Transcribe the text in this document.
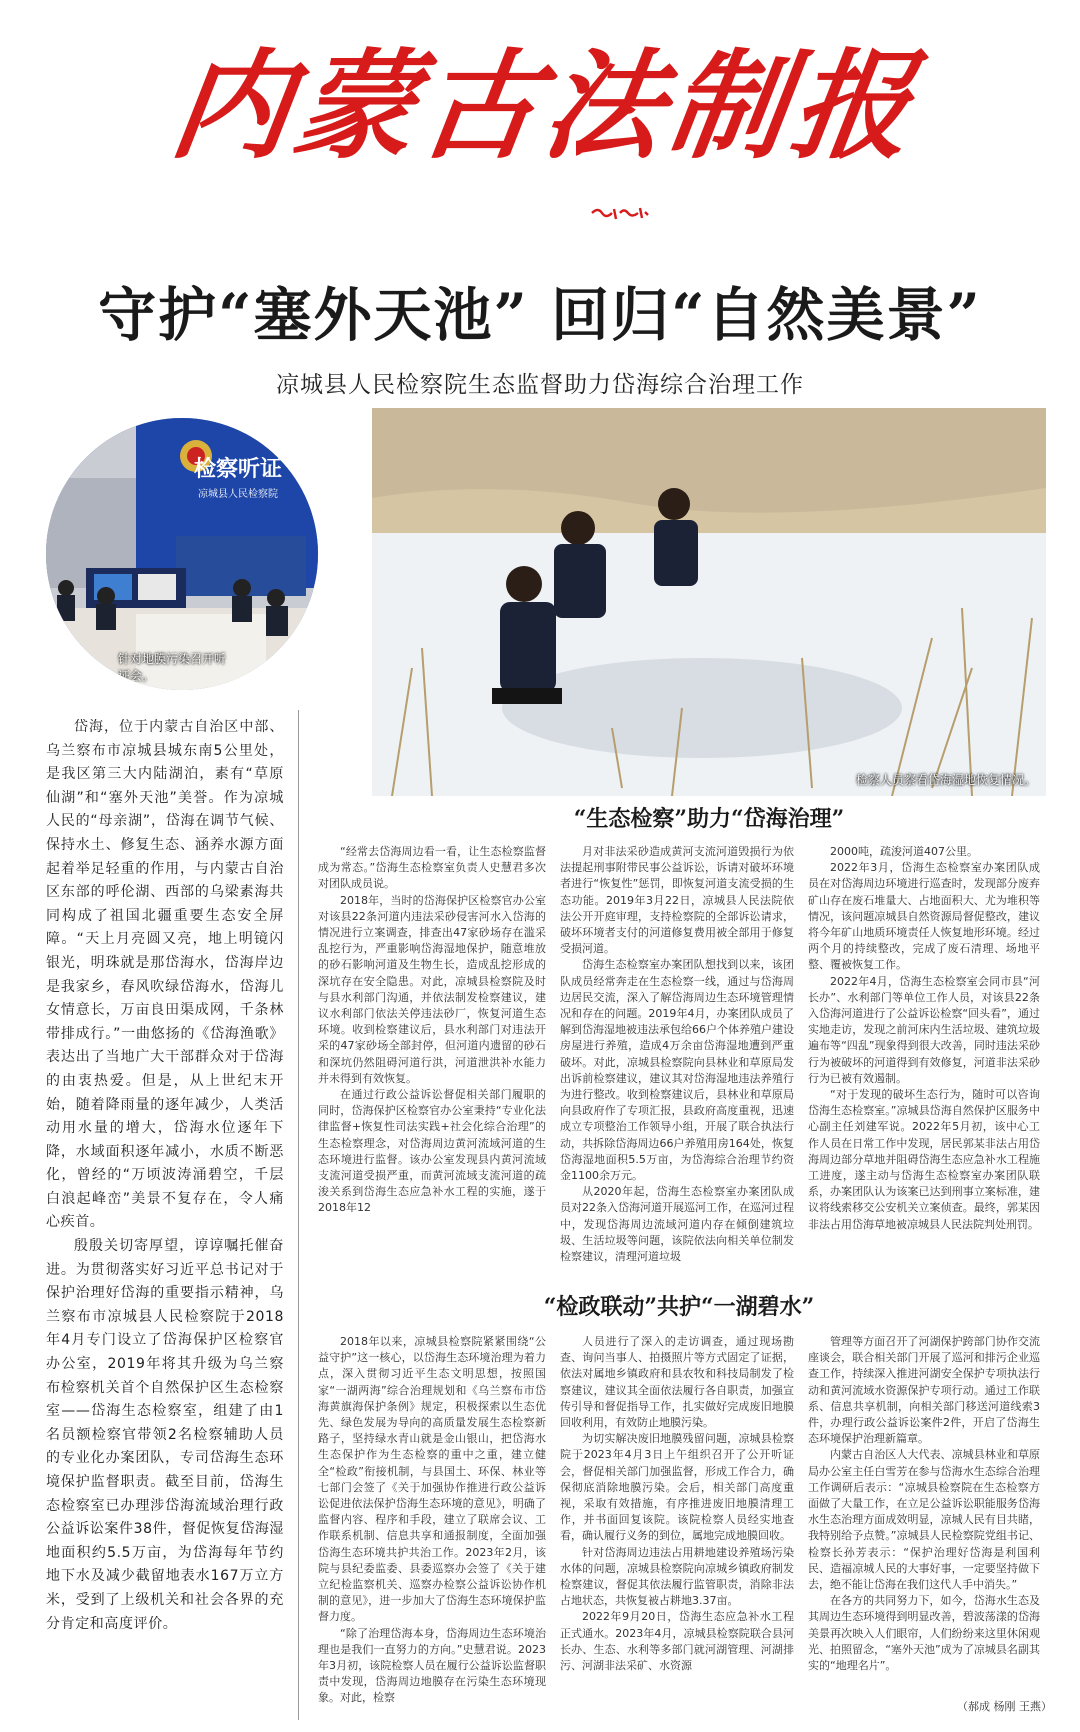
内蒙古法制报
守护“塞外天池” 回归“自然美景”
凉城县人民检察院生态监督助力岱海综合治理工作
检察听证
凉城县人民检察院
针对地膜污染召开听证会。
检察人员察看岱海湿地恢复情况。

岱海，位于内蒙古自治区中部、乌兰察布市凉城县城东南5公里处，是我区第三大内陆湖泊，素有“草原仙湖”和“塞外天池”美誉。作为凉城人民的“母亲湖”，岱海在调节气候、保持水土、修复生态、涵养水源方面起着举足轻重的作用，与内蒙古自治区东部的呼伦湖、西部的乌梁素海共同构成了祖国北疆重要生态安全屏障。“天上月亮圆又亮，地上明镜闪银光，明珠就是那岱海水，岱海岸边是我家乡，春风吹绿岱海水，岱海儿女情意长，万亩良田渠成网，千条林带排成行。”一曲悠扬的《岱海渔歌》表达出了当地广大干部群众对于岱海的由衷热爱。但是，从上世纪末开始，随着降雨量的逐年减少，人类活动用水量的增大，岱海水位逐年下降，水域面积逐年减小，水质不断恶化，曾经的“万顷波涛涌碧空，千层白浪起峰峦”美景不复存在，令人痛心疾首。

殷殷关切寄厚望，谆谆嘱托催奋进。为贯彻落实好习近平总书记对于保护治理好岱海的重要指示精神，乌兰察布市凉城县人民检察院于2018年4月专门设立了岱海保护区检察官办公室，2019年将其升级为乌兰察布检察机关首个自然保护区生态检察室——岱海生态检察室，组建了由1名员额检察官带领2名检察辅助人员的专业化办案团队，专司岱海生态环境保护监督职责。截至目前，岱海生态检察室已办理涉岱海流域治理行政公益诉讼案件38件，督促恢复岱海湿地面积约5.5万亩，为岱海每年节约地下水及减少截留地表水167万立方米，受到了上级机关和社会各界的充分肯定和高度评价。

“生态检察”助力“岱海治理”

“经常去岱海周边看一看，让生态检察监督成为常态。”岱海生态检察室负责人史慧君多次对团队成员说。

2018年，当时的岱海保护区检察官办公室对该县22条河道内违法采砂侵害河水入岱海的情况进行立案调查，排查出47家砂场存在滥采乱挖行为，严重影响岱海湿地保护，随意堆放的砂石影响河道及生物生长，造成乱挖形成的深坑存在安全隐患。对此，凉城县检察院及时与县水利部门沟通，并依法制发检察建议，建议水利部门依法关停违法砂厂，恢复河道生态环境。收到检察建议后，县水利部门对违法开采的47家砂场全部封停，但河道内遗留的砂石和深坑仍然阻碍河道行洪，河道泄洪补水能力并未得到有效恢复。

在通过行政公益诉讼督促相关部门履职的同时，岱海保护区检察官办公室秉持“专业化法律监督+恢复性司法实践+社会化综合治理”的生态检察理念，对岱海周边黄河流域河道的生态环境进行监督。该办公室发现县内黄河流域支流河道受损严重，而黄河流域支流河道的疏浚关系到岱海生态应急补水工程的实施，遂于2018年12

月对非法采砂造成黄河支流河道毁损行为依法提起刑事附带民事公益诉讼，诉请对破坏环境者进行“恢复性”惩罚，即恢复河道支流受损的生态功能。2019年3月22日，凉城县人民法院依法公开开庭审理，支持检察院的全部诉讼请求，破坏环境者支付的河道修复费用被全部用于修复受损河道。

岱海生态检察室办案团队想找到以来，该团队成员经常奔走在生态检察一线，通过与岱海周边居民交流，深入了解岱海周边生态环境管理情况和存在的问题。2019年4月，办案团队成员了解到岱海湿地被违法承包给66户个体养殖户建设房屋进行养殖，造成4万余亩岱海湿地遭到严重破坏。对此，凉城县检察院向县林业和草原局发出诉前检察建议，建议其对岱海湿地违法养殖行为进行整改。收到检察建议后，县林业和草原局向县政府作了专项汇报，县政府高度重视，迅速成立专项整治工作领导小组，开展了联合执法行动，共拆除岱海周边66户养殖用房164处，恢复岱海湿地面积5.5万亩，为岱海综合治理节约资金1100余万元。

从2020年起，岱海生态检察室办案团队成员对22条入岱海河道开展巡河工作，在巡河过程中，发现岱海周边流域河道内存在倾倒建筑垃圾、生活垃圾等问题，该院依法向相关单位制发检察建议，清理河道垃圾

2000吨，疏浚河道407公里。

2022年3月，岱海生态检察室办案团队成员在对岱海周边环境进行巡查时，发现部分废弃矿山存在废石堆量大、占地面积大、尤为堆积等情况，该问题凉城县自然资源局督促整改，建议将今年矿山地质环境责任人恢复地形环境。经过两个月的持续整改，完成了废石清理、场地平整、覆被恢复工作。

2022年4月，岱海生态检察室会同市县“河长办”、水利部门等单位工作人员，对该县22条入岱海河道进行了公益诉讼检察“回头看”，通过实地走访，发现之前河床内生活垃圾、建筑垃圾遍布等“四乱”现象得到很大改善，同时违法采砂行为被破坏的河道得到有效修复，河道非法采砂行为已被有效遏制。

“对于发现的破坏生态行为，随时可以咨询岱海生态检察室。”凉城县岱海自然保护区服务中心副主任刘建军说。2022年5月初，该中心工作人员在日常工作中发现，居民郭某非法占用岱海周边部分草地并阻碍岱海生态应急补水工程施工进度，遂主动与岱海生态检察室办案团队联系，办案团队认为该案已达到刑事立案标准，建议将线索移交公安机关立案侦查。最终，郭某因非法占用岱海草地被凉城县人民法院判处刑罚。

“检政联动”共护“一湖碧水”

2018年以来，凉城县检察院紧紧围绕“公益守护”这一核心，以岱海生态环境治理为着力点，深入贯彻习近平生态文明思想，按照国家“一湖两海”综合治理规划和《乌兰察布市岱海黄旗海保护条例》规定，积极探索以生态优先、绿色发展为导向的高质量发展生态检察新路子，坚持绿水青山就是金山银山，把岱海水生态保护作为生态检察的重中之重，建立健全“检政”衔接机制，与县国土、环保、林业等七部门会签了《关于加强协作推进行政公益诉讼促进依法保护岱海生态环境的意见》，明确了监督内容、程序和手段，建立了联席会议、工作联系机制、信息共享和通报制度，全面加强岱海生态环境共护共治工作。2023年2月，该院与县纪委监委、县委巡察办会签了《关于建立纪检监察机关、巡察办检察公益诉讼协作机制的意见》，进一步加大了岱海生态环境保护监督力度。

“除了治理岱海本身，岱海周边生态环境治理也是我们一直努力的方向。”史慧君说。2023年3月初，该院检察人员在履行公益诉讼监督职责中发现，岱海周边地膜存在污染生态环境现象。对此，检察

人员进行了深入的走访调查，通过现场勘查、询问当事人、拍摄照片等方式固定了证据，依法对属地乡镇政府和县农牧和科技局制发了检察建议，建议其全面依法履行各自职责，加强宣传引导和督促指导工作，扎实做好完成废旧地膜回收利用，有效防止地膜污染。

为切实解决废旧地膜残留问题，凉城县检察院于2023年4月3日上午组织召开了公开听证会，督促相关部门加强监督，形成工作合力，确保彻底消除地膜污染。会后，相关部门高度重视，采取有效措施，有序推进废旧地膜清理工作，并书面回复该院。该院检察人员经实地查看，确认履行义务的到位，属地完成地膜回收。

针对岱海周边违法占用耕地建设养殖场污染水体的问题，凉城县检察院向凉城乡镇政府制发检察建议，督促其依法履行监管职责，消除非法占地状态，共恢复被占耕地3.37亩。

2022年9月20日，岱海生态应急补水工程正式通水。2023年4月，凉城县检察院联合县河长办、生态、水利等多部门就河湖管理、河湖排污、河湖非法采矿、水资源

管理等方面召开了河湖保护跨部门协作交流座谈会，联合相关部门开展了巡河和排污企业巡查工作，持续深入推进河湖安全保护专项执法行动和黄河流域水资源保护专项行动。通过工作联系、信息共享机制，向相关部门移送河道线索3件，办理行政公益诉讼案件2件，开启了岱海生态环境保护治理新篇章。

内蒙古自治区人大代表、凉城县林业和草原局办公室主任白雪芳在参与岱海水生态综合治理工作调研后表示：“凉城县检察院在生态检察方面做了大量工作，在立足公益诉讼职能服务岱海水生态治理方面成效明显，凉城人民有目共睹，我特别给予点赞。”凉城县人民检察院党组书记、检察长孙芳表示：“保护治理好岱海是利国利民、造福凉城人民的大事好事，一定要坚持做下去，绝不能让岱海在我们这代人手中消失。”

在各方的共同努力下，如今，岱海水生态及其周边生态环境得到明显改善，碧波荡漾的岱海美景再次映入人们眼帘，人们纷纷来这里休闲观光、拍照留念，“塞外天池”成为了凉城县名副其实的“地理名片”。

（郝成 杨刚 王燕）
